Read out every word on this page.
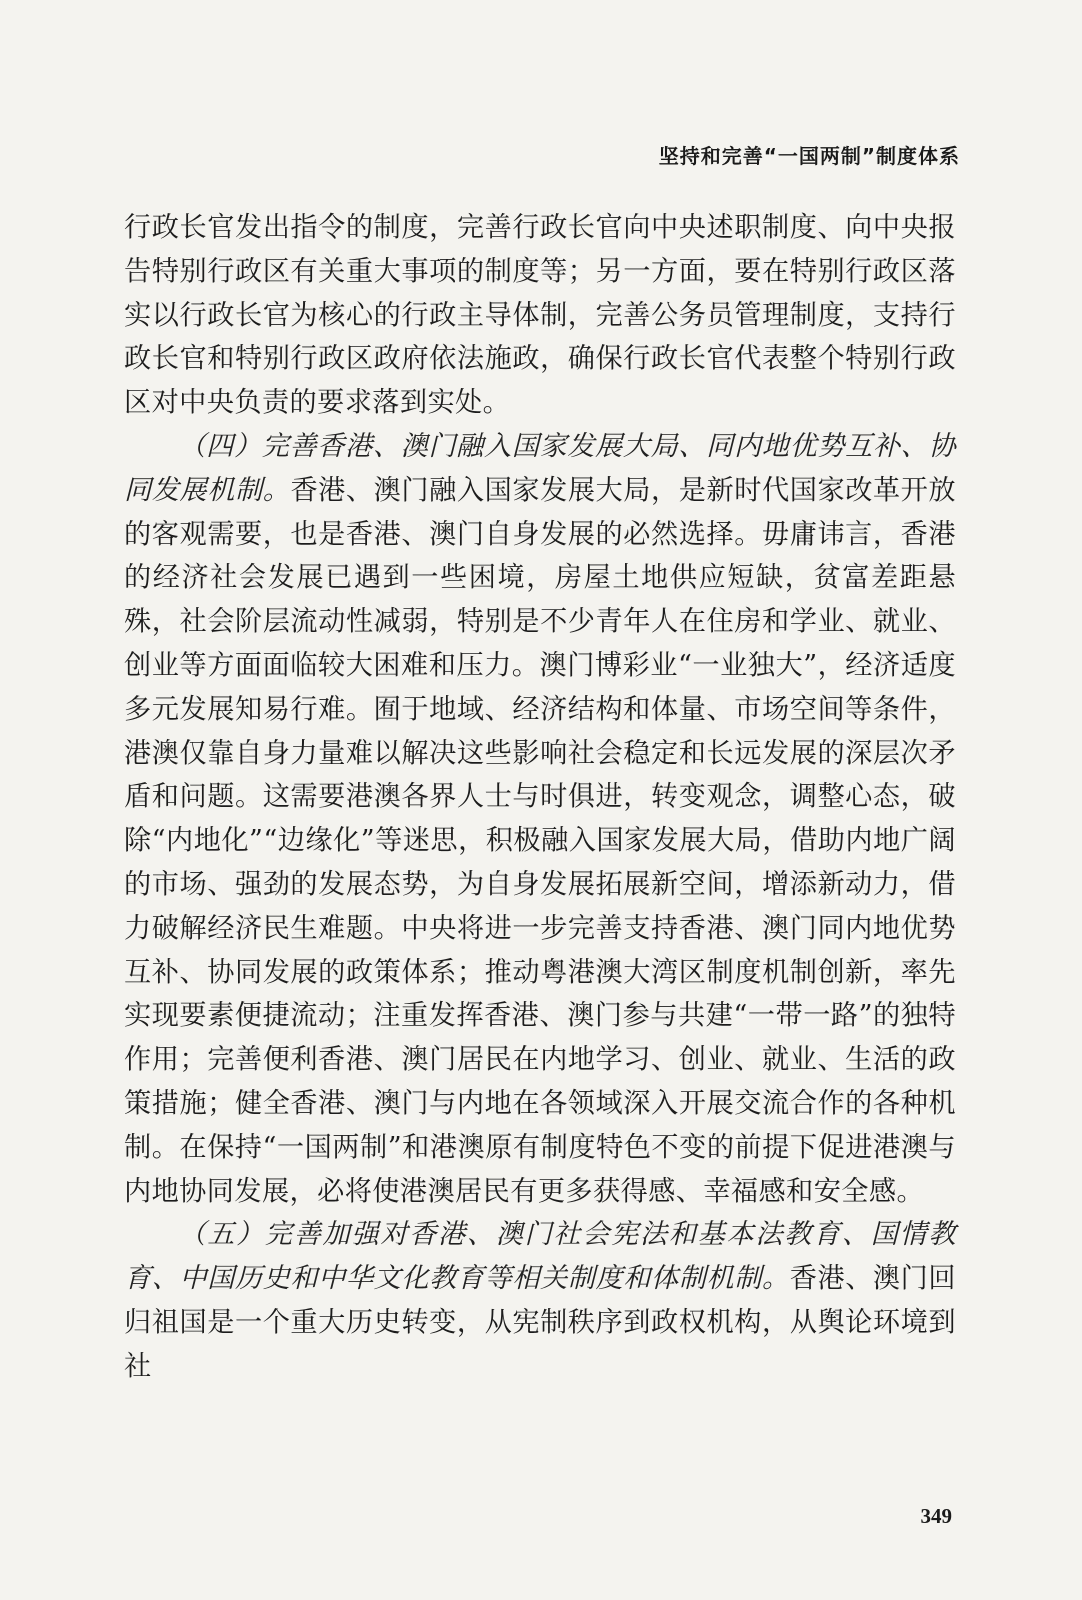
坚持和完善“一国两制”制度体系

行政长官发出指令的制度，完善行政长官向中央述职制度、向中央报告特别行政区有关重大事项的制度等；另一方面，要在特别行政区落实以行政长官为核心的行政主导体制，完善公务员管理制度，支持行政长官和特别行政区政府依法施政，确保行政长官代表整个特别行政区对中央负责的要求落到实处。

（四）完善香港、澳门融入国家发展大局、同内地优势互补、协同发展机制。香港、澳门融入国家发展大局，是新时代国家改革开放的客观需要，也是香港、澳门自身发展的必然选择。毋庸讳言，香港的经济社会发展已遇到一些困境，房屋土地供应短缺，贫富差距悬殊，社会阶层流动性减弱，特别是不少青年人在住房和学业、就业、创业等方面面临较大困难和压力。澳门博彩业“一业独大”，经济适度多元发展知易行难。囿于地域、经济结构和体量、市场空间等条件，港澳仅靠自身力量难以解决这些影响社会稳定和长远发展的深层次矛盾和问题。这需要港澳各界人士与时俱进，转变观念，调整心态，破除“内地化”“边缘化”等迷思，积极融入国家发展大局，借助内地广阔的市场、强劲的发展态势，为自身发展拓展新空间，增添新动力，借力破解经济民生难题。中央将进一步完善支持香港、澳门同内地优势互补、协同发展的政策体系；推动粤港澳大湾区制度机制创新，率先实现要素便捷流动；注重发挥香港、澳门参与共建“一带一路”的独特作用；完善便利香港、澳门居民在内地学习、创业、就业、生活的政策措施；健全香港、澳门与内地在各领域深入开展交流合作的各种机制。在保持“一国两制”和港澳原有制度特色不变的前提下促进港澳与内地协同发展，必将使港澳居民有更多获得感、幸福感和安全感。

（五）完善加强对香港、澳门社会宪法和基本法教育、国情教育、中国历史和中华文化教育等相关制度和体制机制。香港、澳门回归祖国是一个重大历史转变，从宪制秩序到政权机构，从舆论环境到社

349
